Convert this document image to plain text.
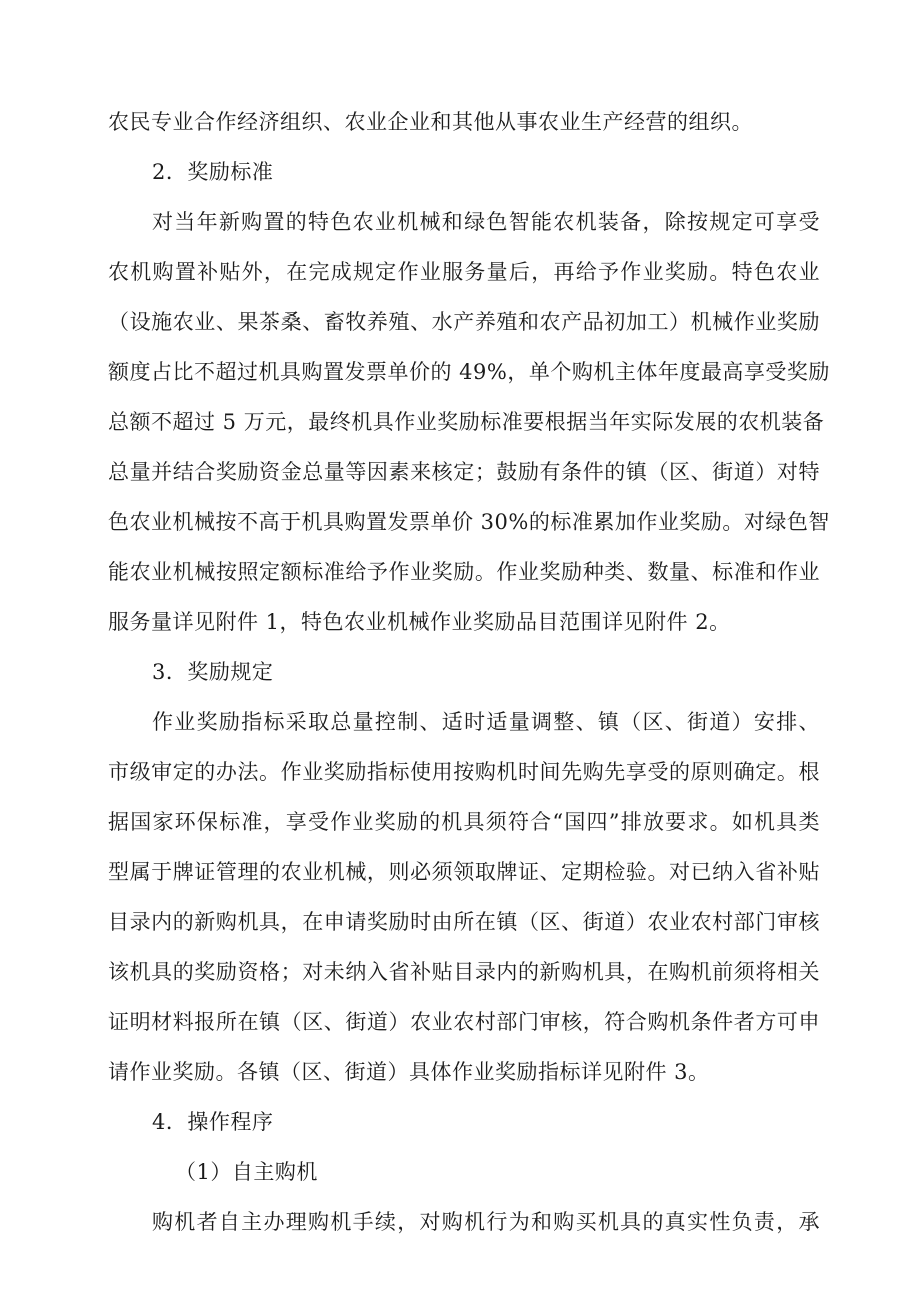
农民专业合作经济组织、农业企业和其他从事农业生产经营的组织。
2．奖励标准
对当年新购置的特色农业机械和绿色智能农机装备，除按规定可享受
农机购置补贴外，在完成规定作业服务量后，再给予作业奖励。特色农业
（设施农业、果茶桑、畜牧养殖、水产养殖和农产品初加工）机械作业奖励
额度占比不超过机具购置发票单价的 49%，单个购机主体年度最高享受奖励
总额不超过 5 万元，最终机具作业奖励标准要根据当年实际发展的农机装备
总量并结合奖励资金总量等因素来核定；鼓励有条件的镇（区、街道）对特
色农业机械按不高于机具购置发票单价 30%的标准累加作业奖励。对绿色智
能农业机械按照定额标准给予作业奖励。作业奖励种类、数量、标准和作业
服务量详见附件 1，特色农业机械作业奖励品目范围详见附件 2。
3．奖励规定
作业奖励指标采取总量控制、适时适量调整、镇（区、街道）安排、
市级审定的办法。作业奖励指标使用按购机时间先购先享受的原则确定。根
据国家环保标准，享受作业奖励的机具须符合“国四”排放要求。如机具类
型属于牌证管理的农业机械，则必须领取牌证、定期检验。对已纳入省补贴
目录内的新购机具，在申请奖励时由所在镇（区、街道）农业农村部门审核
该机具的奖励资格；对未纳入省补贴目录内的新购机具，在购机前须将相关
证明材料报所在镇（区、街道）农业农村部门审核，符合购机条件者方可申
请作业奖励。各镇（区、街道）具体作业奖励指标详见附件 3。
4．操作程序
（1）自主购机
购机者自主办理购机手续，对购机行为和购买机具的真实性负责，承
